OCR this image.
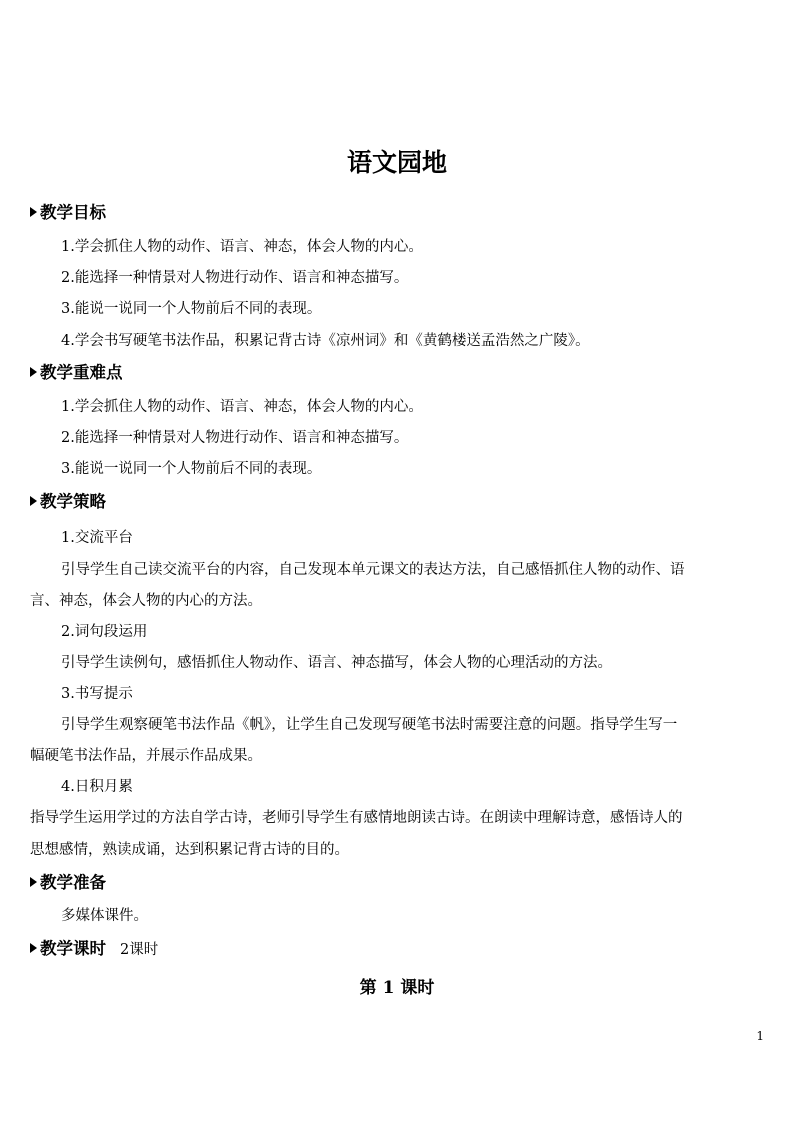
语文园地
教学目标
1.学会抓住人物的动作、语言、神态，体会人物的内心。
2.能选择一种情景对人物进行动作、语言和神态描写。
3.能说一说同一个人物前后不同的表现。
4.学会书写硬笔书法作品，积累记背古诗《凉州词》和《黄鹤楼送孟浩然之广陵》。
教学重难点
1.学会抓住人物的动作、语言、神态，体会人物的内心。
2.能选择一种情景对人物进行动作、语言和神态描写。
3.能说一说同一个人物前后不同的表现。
教学策略
1.交流平台
引导学生自己读交流平台的内容，自己发现本单元课文的表达方法，自己感悟抓住人物的动作、语
言、神态，体会人物的内心的方法。
2.词句段运用
引导学生读例句，感悟抓住人物动作、语言、神态描写，体会人物的心理活动的方法。
3.书写提示
引导学生观察硬笔书法作品《帆》，让学生自己发现写硬笔书法时需要注意的问题。指导学生写一
幅硬笔书法作品，并展示作品成果。
4.日积月累
指导学生运用学过的方法自学古诗，老师引导学生有感情地朗读古诗。在朗读中理解诗意，感悟诗人的
思想感情，熟读成诵，达到积累记背古诗的目的。
教学准备
多媒体课件。
教学课时 2课时
第 1 课时
1
